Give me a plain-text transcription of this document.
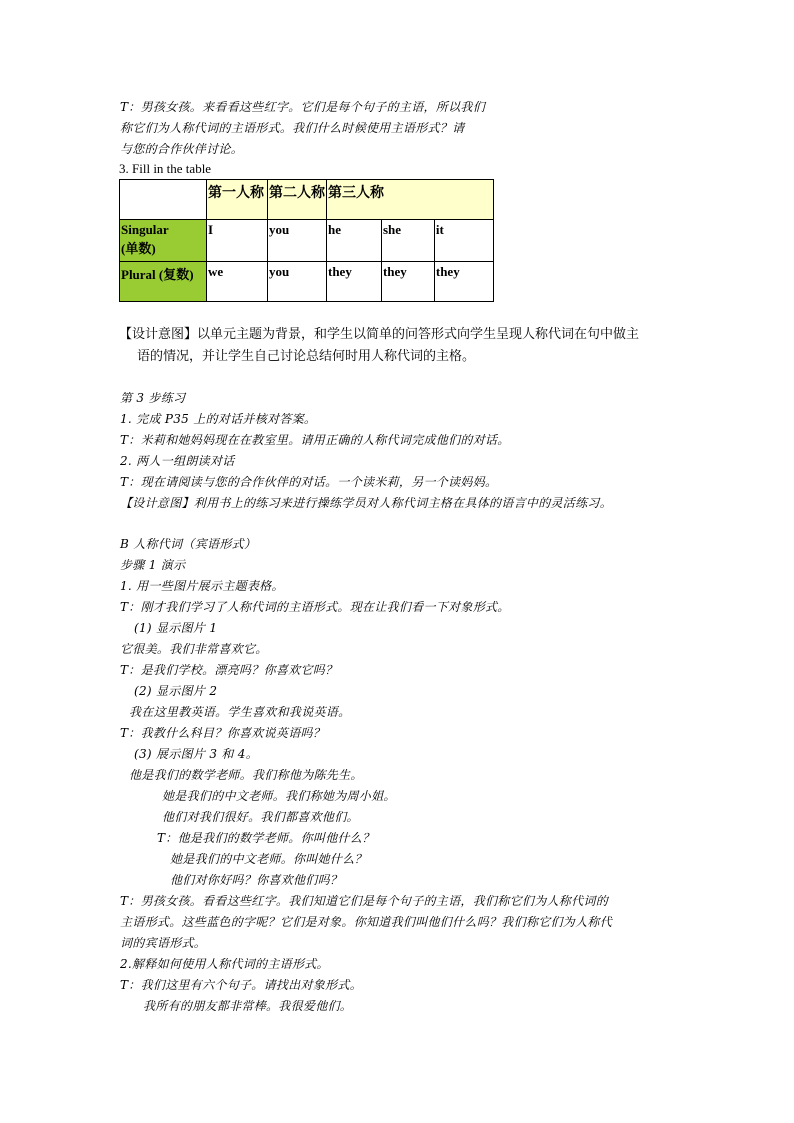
T：男孩女孩。来看看这些红字。它们是每个句子的主语，所以我们
称它们为人称代词的主语形式。我们什么时候使用主语形式？请
与您的合作伙伴讨论。
3. Fill in the table
	第一人称	第二人称	第三人称		

Singular
(单数)	I	you	he	she	it

Plural (复数)	we	you	they	they	they
【设计意图】以单元主题为背景，和学生以简单的问答形式向学生呈现人称代词在句中做主
语的情况，并让学生自己讨论总结何时用人称代词的主格。
第 3 步练习
1. 完成 P35 上的对话并核对答案。
T：米莉和她妈妈现在在教室里。请用正确的人称代词完成他们的对话。
2. 两人一组朗读对话
T：现在请阅读与您的合作伙伴的对话。一个读米莉，另一个读妈妈。
【设计意图】利用书上的练习来进行操练学员对人称代词主格在具体的语言中的灵活练习。
B 人称代词（宾语形式）
步骤 1 演示
1. 用一些图片展示主题表格。
T：刚才我们学习了人称代词的主语形式。现在让我们看一下对象形式。
(1) 显示图片 1
它很美。我们非常喜欢它。
T：是我们学校。漂亮吗？你喜欢它吗？
(2) 显示图片 2
我在这里教英语。学生喜欢和我说英语。
T：我教什么科目？你喜欢说英语吗？
(3) 展示图片 3 和 4。
他是我们的数学老师。我们称他为陈先生。
她是我们的中文老师。我们称她为周小姐。
他们对我们很好。我们都喜欢他们。
T：他是我们的数学老师。你叫他什么？
她是我们的中文老师。你叫她什么？
他们对你好吗？你喜欢他们吗？
T：男孩女孩。看看这些红字。我们知道它们是每个句子的主语，我们称它们为人称代词的
主语形式。这些蓝色的字呢？它们是对象。你知道我们叫他们什么吗？我们称它们为人称代
词的宾语形式。
2.解释如何使用人称代词的主语形式。
T：我们这里有六个句子。请找出对象形式。
我所有的朋友都非常棒。我很爱他们。
